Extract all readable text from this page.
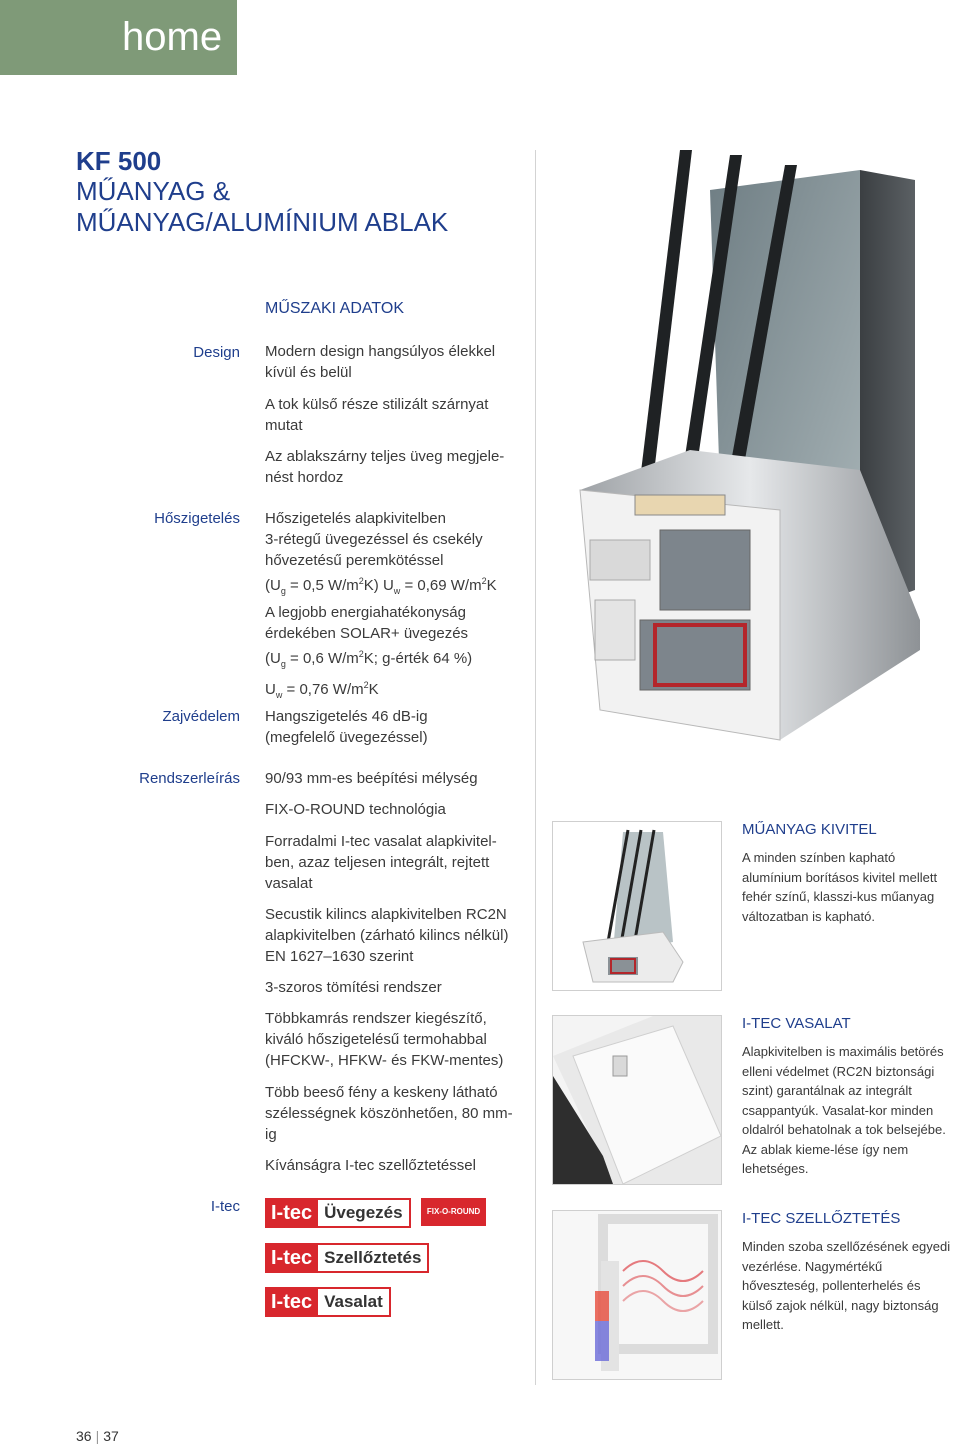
home
KF 500
MŰANYAG &
MŰANYAG/ALUMÍNIUM ABLAK
MŰSZAKI ADATOK
Design
Hőszigetelés
Zajvédelem
Rendszerleírás
I-tec
Modern design hangsúlyos élekkel kívül és belül
A tok külső része stilizált szárnyat mutat
Az ablakszárny teljes üveg megjele-nést hordoz
Hőszigetelés alapkivitelben
3-rétegű üvegezéssel és csekély
hővezetésű peremkötéssel
($U_g = 0,5$ $W/m^2K$) $U_w = 0,69$ $W/m^2K$
A legjobb energiahatékonyság
érdekében SOLAR+ üvegezés
($U_g = 0,6$ $W/m^2K$; g-érték 64 %)
$U_w = 0,76$ $W/m^2K$
Hangszigetelés 46 dB-ig (megfelelő üvegezéssel)
90/93 mm-es beépítési mélység
FIX-O-ROUND technológia
Forradalmi I-tec vasalat alapkivitel-ben, azaz teljesen integrált, rejtett vasalat
Secustik kilincs alapkivitelben RC2N alapkivitelben (zárható kilincs nélkül) EN 1627–1630 szerint
3-szoros tömítési rendszer
Többkamrás rendszer kiegészítő, kiváló hőszigetelésű termohabbal (HFCKW-, HFKW- és FKW-mentes)
Több beeső fény a keskeny látható szélességnek köszönhetően, 80 mm-ig
Kívánságra I-tec szellőztetéssel
I-tec Üvegezés	FIX-O-ROUND
I-tec Szellőztetés
I-tec Vasalat
MŰANYAG KIVITEL

A minden színben kapható alumínium borításos kivitel mellett fehér színű, klasszi-kus műanyag változatban is kapható.

I-TEC VASALAT

Alapkivitelben is maximális betörés elleni védelmet (RC2N biztonsági szint) garantálnak az integrált csappantyúk. Vasalat-kor minden oldalról behatolnak a tok belsejébe. Az ablak kieme-lése így nem lehetséges.

I-TEC SZELLŐZTETÉS

Minden szoba szellőzésének egyedi vezérlése. Nagymértékű hőveszteség, pollenterhelés és külső zajok nélkül, nagy biztonság mellett.

36 | 37
